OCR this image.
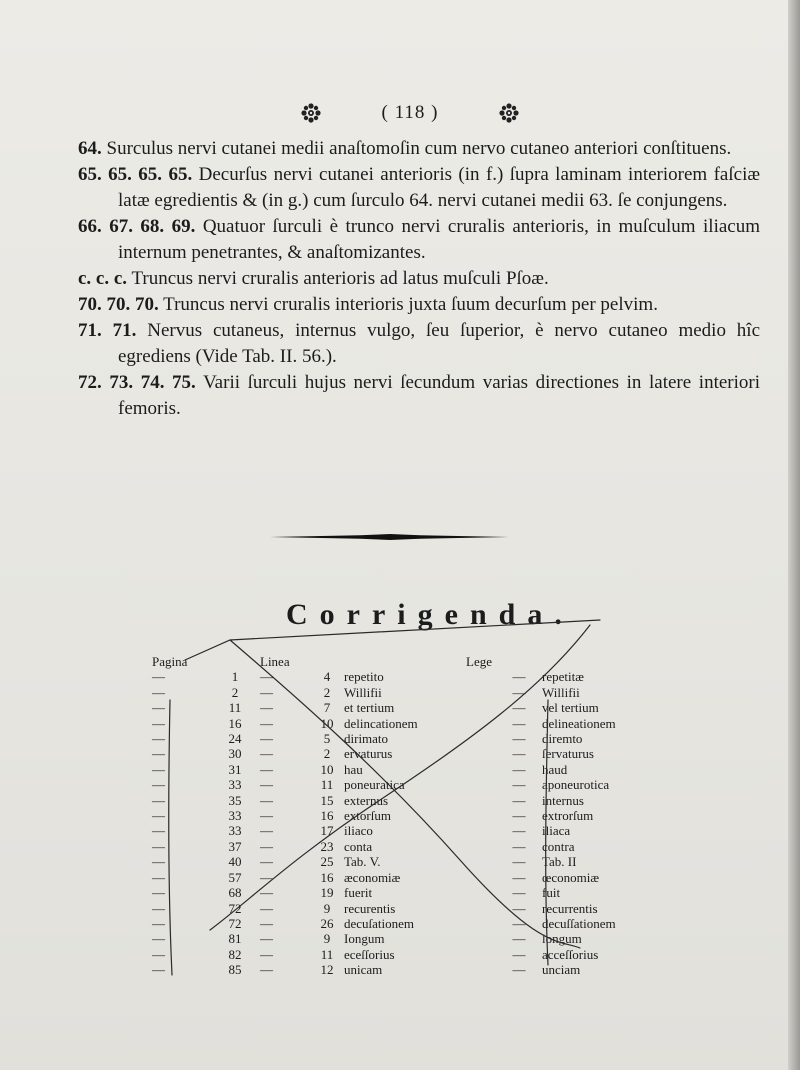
( 118 )
64. Surculus nervi cutanei medii anaſtomoſin cum nervo cutaneo anteriori conſtituens.
65. 65. 65. 65. Decurſus nervi cutanei anterioris (in f.) ſupra laminam interiorem faſciæ latæ egredientis & (in g.) cum ſurculo 64. nervi cutanei medii 63. ſe conjungens.
66. 67. 68. 69. Quatuor ſurculi è trunco nervi cruralis anterioris, in muſculum iliacum internum penetrantes, & anaſtomizantes.
c. c. c. Truncus nervi cruralis anterioris ad latus muſculi Pſoæ.
70. 70. 70. Truncus nervi cruralis interioris juxta ſuum decurſum per pelvim.
71. 71. Nervus cutaneus, internus vulgo, ſeu ſuperior, è nervo cutaneo medio hîc egrediens (Vide Tab. II. 56.).
72. 73. 74. 75. Varii ſurculi hujus nervi ſecundum varias directiones in latere interiori femoris.
Corrigenda.
Pagina		Linea		Lege		
—	1	—	4	repetito	—	repetitæ
—	2	—	2	Willifii	—	Willifii
—	11	—	7	et tertium	—	vel tertium
—	16	—	10	delincationem	—	delineationem
—	24	—	5	dirimato	—	diremto
—	30	—	2	ervaturus	—	ſervaturus
—	31	—	10	hau	—	haud
—	33	—	11	poneuratica	—	aponeurotica
—	35	—	15	externus	—	internus
—	33	—	16	extorſum	—	extrorſum
—	33	—	17	iliaco	—	iliaca
—	37	—	23	conta	—	contra
—	40	—	25	Tab. V.	—	Tab. II
—	57	—	16	æconomiæ	—	œconomiæ
—	68	—	19	fuerit	—	fuit
—	72	—	9	recurentis	—	recurrentis
—	72	—	26	decuſationem	—	decuſſationem
—	81	—	9	Iongum	—	longum
—	82	—	11	eceſſorius	—	acceſſorius
—	85	—	12	unicam	—	unciam
